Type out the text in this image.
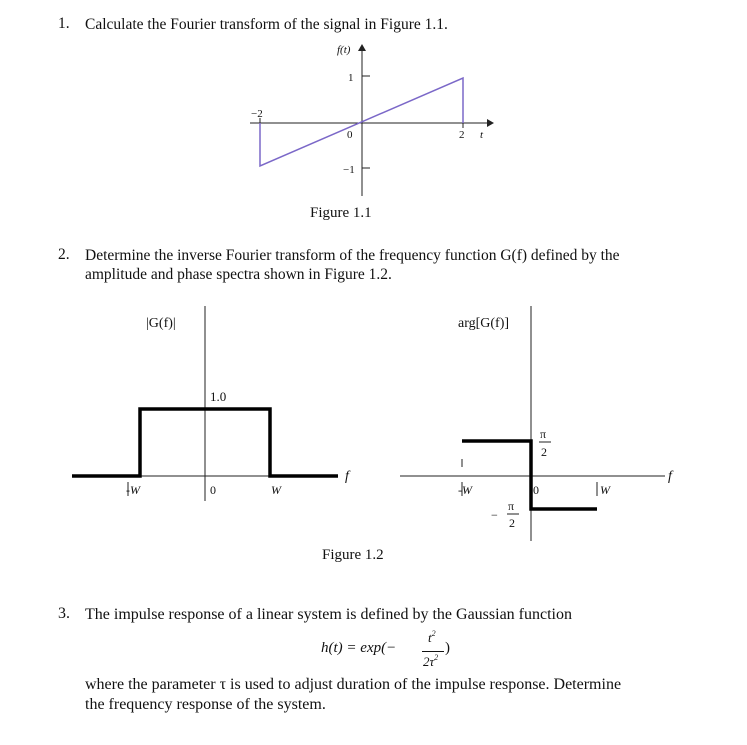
1. Calculate the Fourier transform of the signal in Figure 1.1.
f(t)
1
−2
0	2 t
−1
Figure 1.1
2. Determine the inverse Fourier transform of the frequency function G(f) defined by the
amplitude and phase spectra shown in Figure 1.2.
|G(f)|
1.0
-W	0	W
f
arg[G(f)]
π
2
−
π
2
-W	0	W
f
Figure 1.2
3. The impulse response of a linear system is defined by the Gaussian function
h(t) = exp(−
$t^2$
$2\tau^2$
)
where the parameter τ is used to adjust duration of the impulse response. Determine
the frequency response of the system.
